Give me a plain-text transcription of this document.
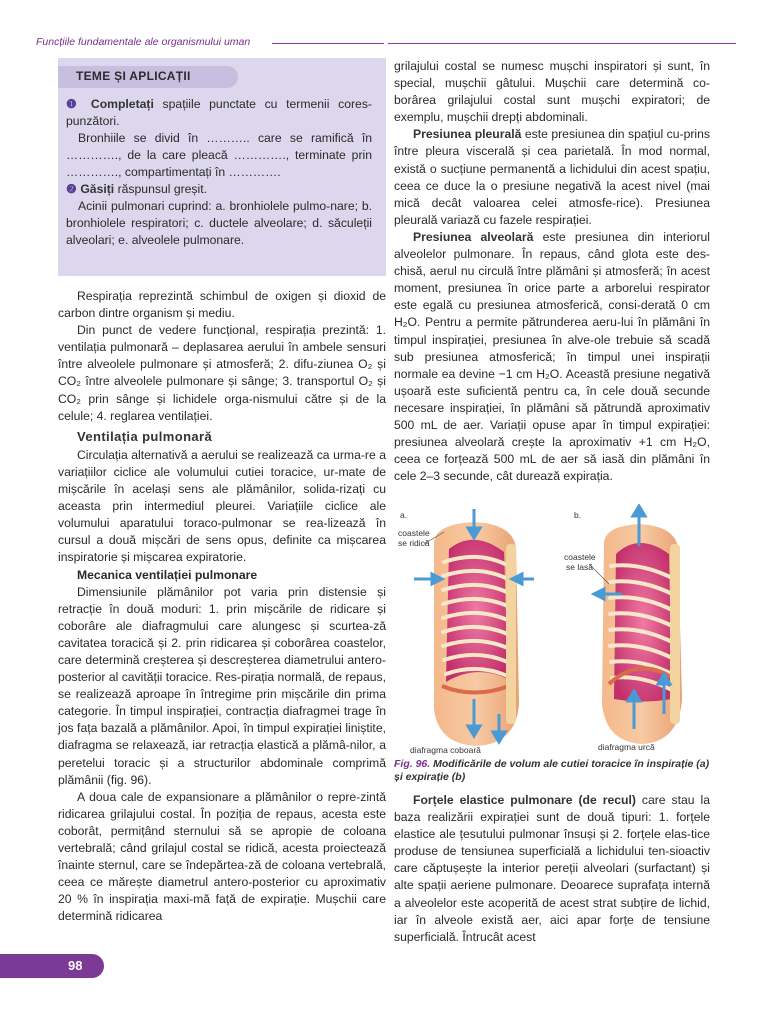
Funcțiile fundamentale ale organismului uman
TEME ȘI APLICAȚII

❶ Completați spațiile punctate cu termenii cores-punzători.

Bronhiile se divid în ……….. care se ramifică în …………., de la care pleacă …………., terminate prin …………., compartimentați în ………….

❷ Găsiți răspunsul greșit.

Acinii pulmonari cuprind: a. bronhiolele pulmo-nare; b. bronhiolele respiratori; c. ductele alveolare; d. săculeții alveolari; e. alveolele pulmonare.

Respirația reprezintă schimbul de oxigen și dioxid de carbon dintre organism și mediu.

Din punct de vedere funcțional, respirația prezintă: 1. ventilația pulmonară – deplasarea aerului în ambele sensuri între alveolele pulmonare și atmosferă; 2. difu-ziunea O₂ și CO₂ între alveolele pulmonare și sânge; 3. transportul O₂ și CO₂ prin sânge și lichidele orga-nismului către și de la celule; 4. reglarea ventilației.

Ventilația pulmonară

Circulația alternativă a aerului se realizează ca urma-re a variațiilor ciclice ale volumului cutiei toracice, ur-mate de mișcările în același sens ale plămânilor, solida-rizați cu aceasta prin intermediul pleurei. Variațiile ciclice ale volumului aparatului toraco-pulmonar se rea-lizează în cursul a două mișcări de sens opus, definite ca mișcarea inspiratorie și mișcarea expiratorie.

Mecanica ventilației pulmonare

Dimensiunile plămânilor pot varia prin distensie și retracție în două moduri: 1. prin mișcările de ridicare și coborâre ale diafragmului care alungesc și scurtea-ză cavitatea toracică și 2. prin ridicarea și coborârea coastelor, care determină creșterea și descreșterea diametrului antero-posterior al cavității toracice. Res-pirația normală, de repaus, se realizează aproape în întregime prin mișcările din prima categorie. În timpul inspirației, contracția diafragmei trage în jos fața bazală a plămânilor. Apoi, în timpul expirației liniștite, diafragma se relaxează, iar retracția elastică a plămâ-nilor, a peretelui toracic și a structurilor abdominale comprimă plămânii (fig. 96).

A doua cale de expansionare a plămânilor o repre-zintă ridicarea grilajului costal. În poziția de repaus, acesta este coborât, permițând sternului să se apropie de coloana vertebrală; când grilajul costal se ridică, acesta proiectează înainte sternul, care se îndepărtea-ză de coloana vertebrală, ceea ce mărește diametrul antero-posterior cu aproximativ 20 % în inspirația maxi-mă față de expirație. Mușchii care determină ridicarea

grilajului costal se numesc mușchi inspiratori și sunt, în special, mușchii gâtului. Mușchii care determină co-borârea grilajului costal sunt mușchi expiratori; de exemplu, mușchii drepți abdominali.

Presiunea pleurală este presiunea din spațiul cu-prins între pleura viscerală și cea parietală. În mod normal, există o sucțiune permanentă a lichidului din acest spațiu, ceea ce duce la o presiune negativă la acest nivel (mai mică decât valoarea celei atmosfe-rice). Presiunea pleurală variază cu fazele respirației.

Presiunea alveolară este presiunea din interiorul alveolelor pulmonare. În repaus, când glota este des-chisă, aerul nu circulă între plămâni și atmosferă; în acest moment, presiunea în orice parte a arborelui respirator este egală cu presiunea atmosferică, consi-derată 0 cm H₂O. Pentru a permite pătrunderea aeru-lui în plămâni în timpul inspirației, presiunea în alve-ole trebuie să scadă sub presiunea atmosferică; în timpul unei inspirații normale ea devine −1 cm H₂O. Această presiune negativă ușoară este suficientă pentru ca, în cele două secunde necesare inspirației, în plămâni să pătrundă aproximativ 500 mL de aer. Variații opuse apar în timpul expirației: presiunea alveolară crește la aproximativ +1 cm H₂O, ceea ce forțează 500 mL de aer să iasă din plămâni în cele 2–3 secunde, cât durează expirația.

a.	b.
coastele
se ridică
coastele
se lasă
diafragma coboară	diafragma urcă
Fig. 96. Modificările de volum ale cutiei toracice în inspirație (a) și expirație (b)

Forțele elastice pulmonare (de recul) care stau la baza realizării expirației sunt de două tipuri: 1. forțele elastice ale țesutului pulmonar însuși și 2. forțele elas-tice produse de tensiunea superficială a lichidului ten-sioactiv care căptușește la interior pereții alveolari (surfactant) și alte spații aeriene pulmonare. Deoarece suprafața internă a alveolelor este acoperită de acest strat subțire de lichid, iar în alveole există aer, aici apar forțe de tensiune superficială. Întrucât acest

98
